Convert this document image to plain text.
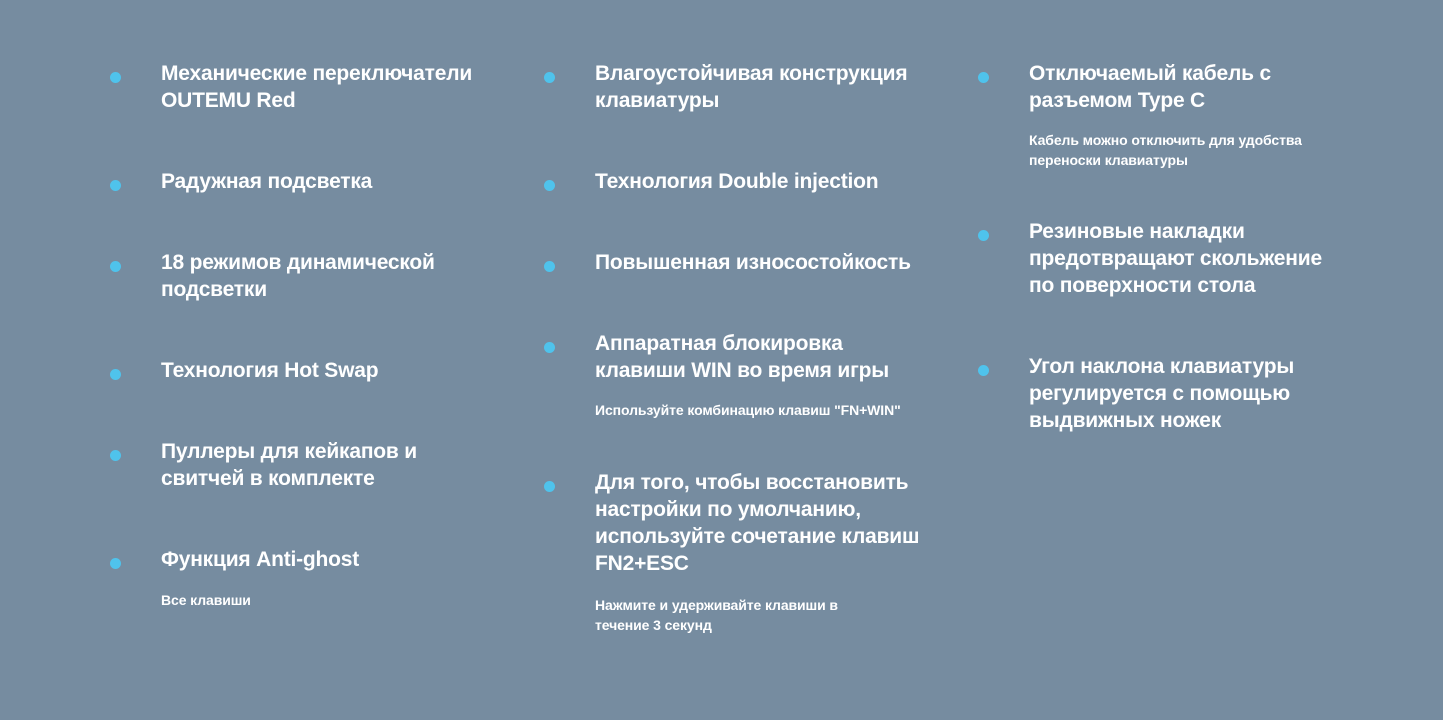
Механические переключатели OUTEMU Red
Радужная подсветка
18 режимов динамической подсветки
Технология Hot Swap
Пуллеры для кейкапов и свитчей в комплекте
Функция Anti-ghost
Все клавиши
Влагоустойчивая конструкция клавиатуры
Технология Double injection
Повышенная износостойкость
Аппаратная блокировка клавиши WIN во время игры
Используйте комбинацию клавиш "FN+WIN"
Для того, чтобы восстановить настройки по умолчанию, используйте сочетание клавиш FN2+ESC
Нажмите и удерживайте клавиши в течение 3 секунд
Отключаемый кабель с разъемом Type C
Кабель можно отключить для удобства переноски клавиатуры
Резиновые накладки предотвращают скольжение по поверхности стола
Угол наклона клавиатуры регулируется с помощью выдвижных ножек
